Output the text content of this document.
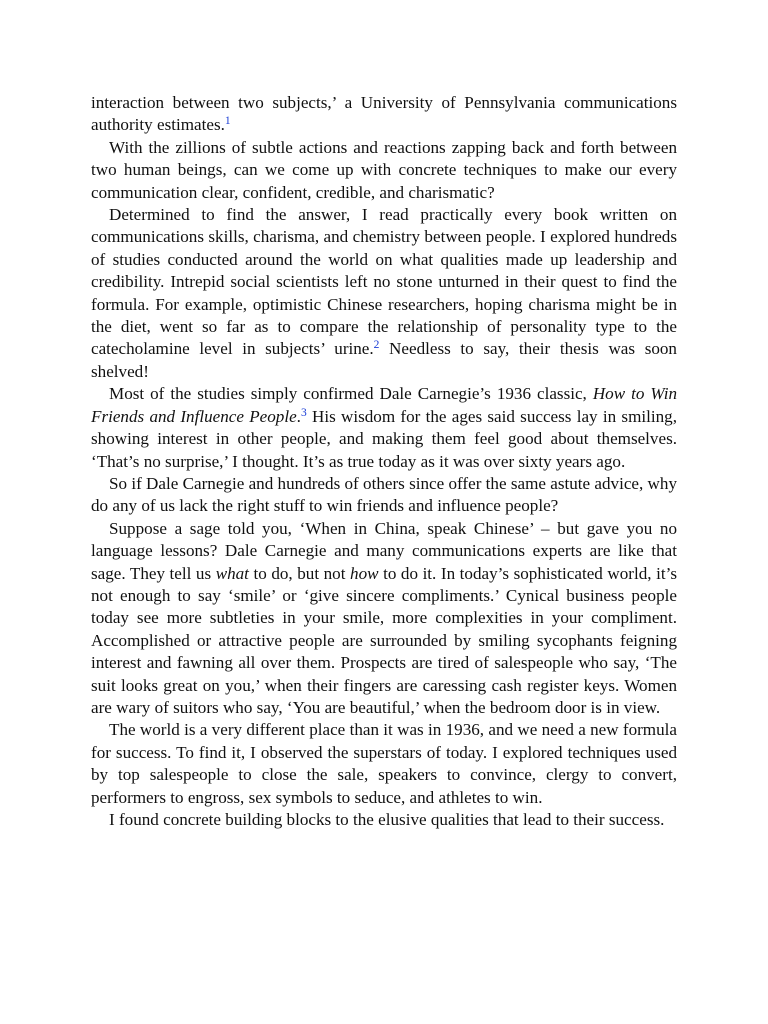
interaction between two subjects,’ a University of Pennsylvania communications authority estimates.$^1$

With the zillions of subtle actions and reactions zapping back and forth between two human beings, can we come up with concrete techniques to make our every communication clear, confident, credible, and charismatic?

Determined to find the answer, I read practically every book written on communications skills, charisma, and chemistry between people. I explored hundreds of studies conducted around the world on what qualities made up leadership and credibility. Intrepid social scientists left no stone unturned in their quest to find the formula. For example, optimistic Chinese researchers, hoping charisma might be in the diet, went so far as to compare the relationship of personality type to the catecholamine level in subjects’ urine.$^2$ Needless to say, their thesis was soon shelved!

Most of the studies simply confirmed Dale Carnegie’s 1936 classic, How to Win Friends and Influence People.$^3$ His wisdom for the ages said success lay in smiling, showing interest in other people, and making them feel good about themselves. ‘That’s no surprise,’ I thought. It’s as true today as it was over sixty years ago.

So if Dale Carnegie and hundreds of others since offer the same astute advice, why do any of us lack the right stuff to win friends and influence people?

Suppose a sage told you, ‘When in China, speak Chinese’ – but gave you no language lessons? Dale Carnegie and many communications experts are like that sage. They tell us what to do, but not how to do it. In today’s sophisticated world, it’s not enough to say ‘smile’ or ‘give sincere compliments.’ Cynical business people today see more subtleties in your smile, more complexities in your compliment. Accomplished or attractive people are surrounded by smiling sycophants feigning interest and fawning all over them. Prospects are tired of salespeople who say, ‘The suit looks great on you,’ when their fingers are caressing cash register keys. Women are wary of suitors who say, ‘You are beautiful,’ when the bedroom door is in view.

The world is a very different place than it was in 1936, and we need a new formula for success. To find it, I observed the superstars of today. I explored techniques used by top salespeople to close the sale, speakers to convince, clergy to convert, performers to engross, sex symbols to seduce, and athletes to win.

I found concrete building blocks to the elusive qualities that lead to their success.
